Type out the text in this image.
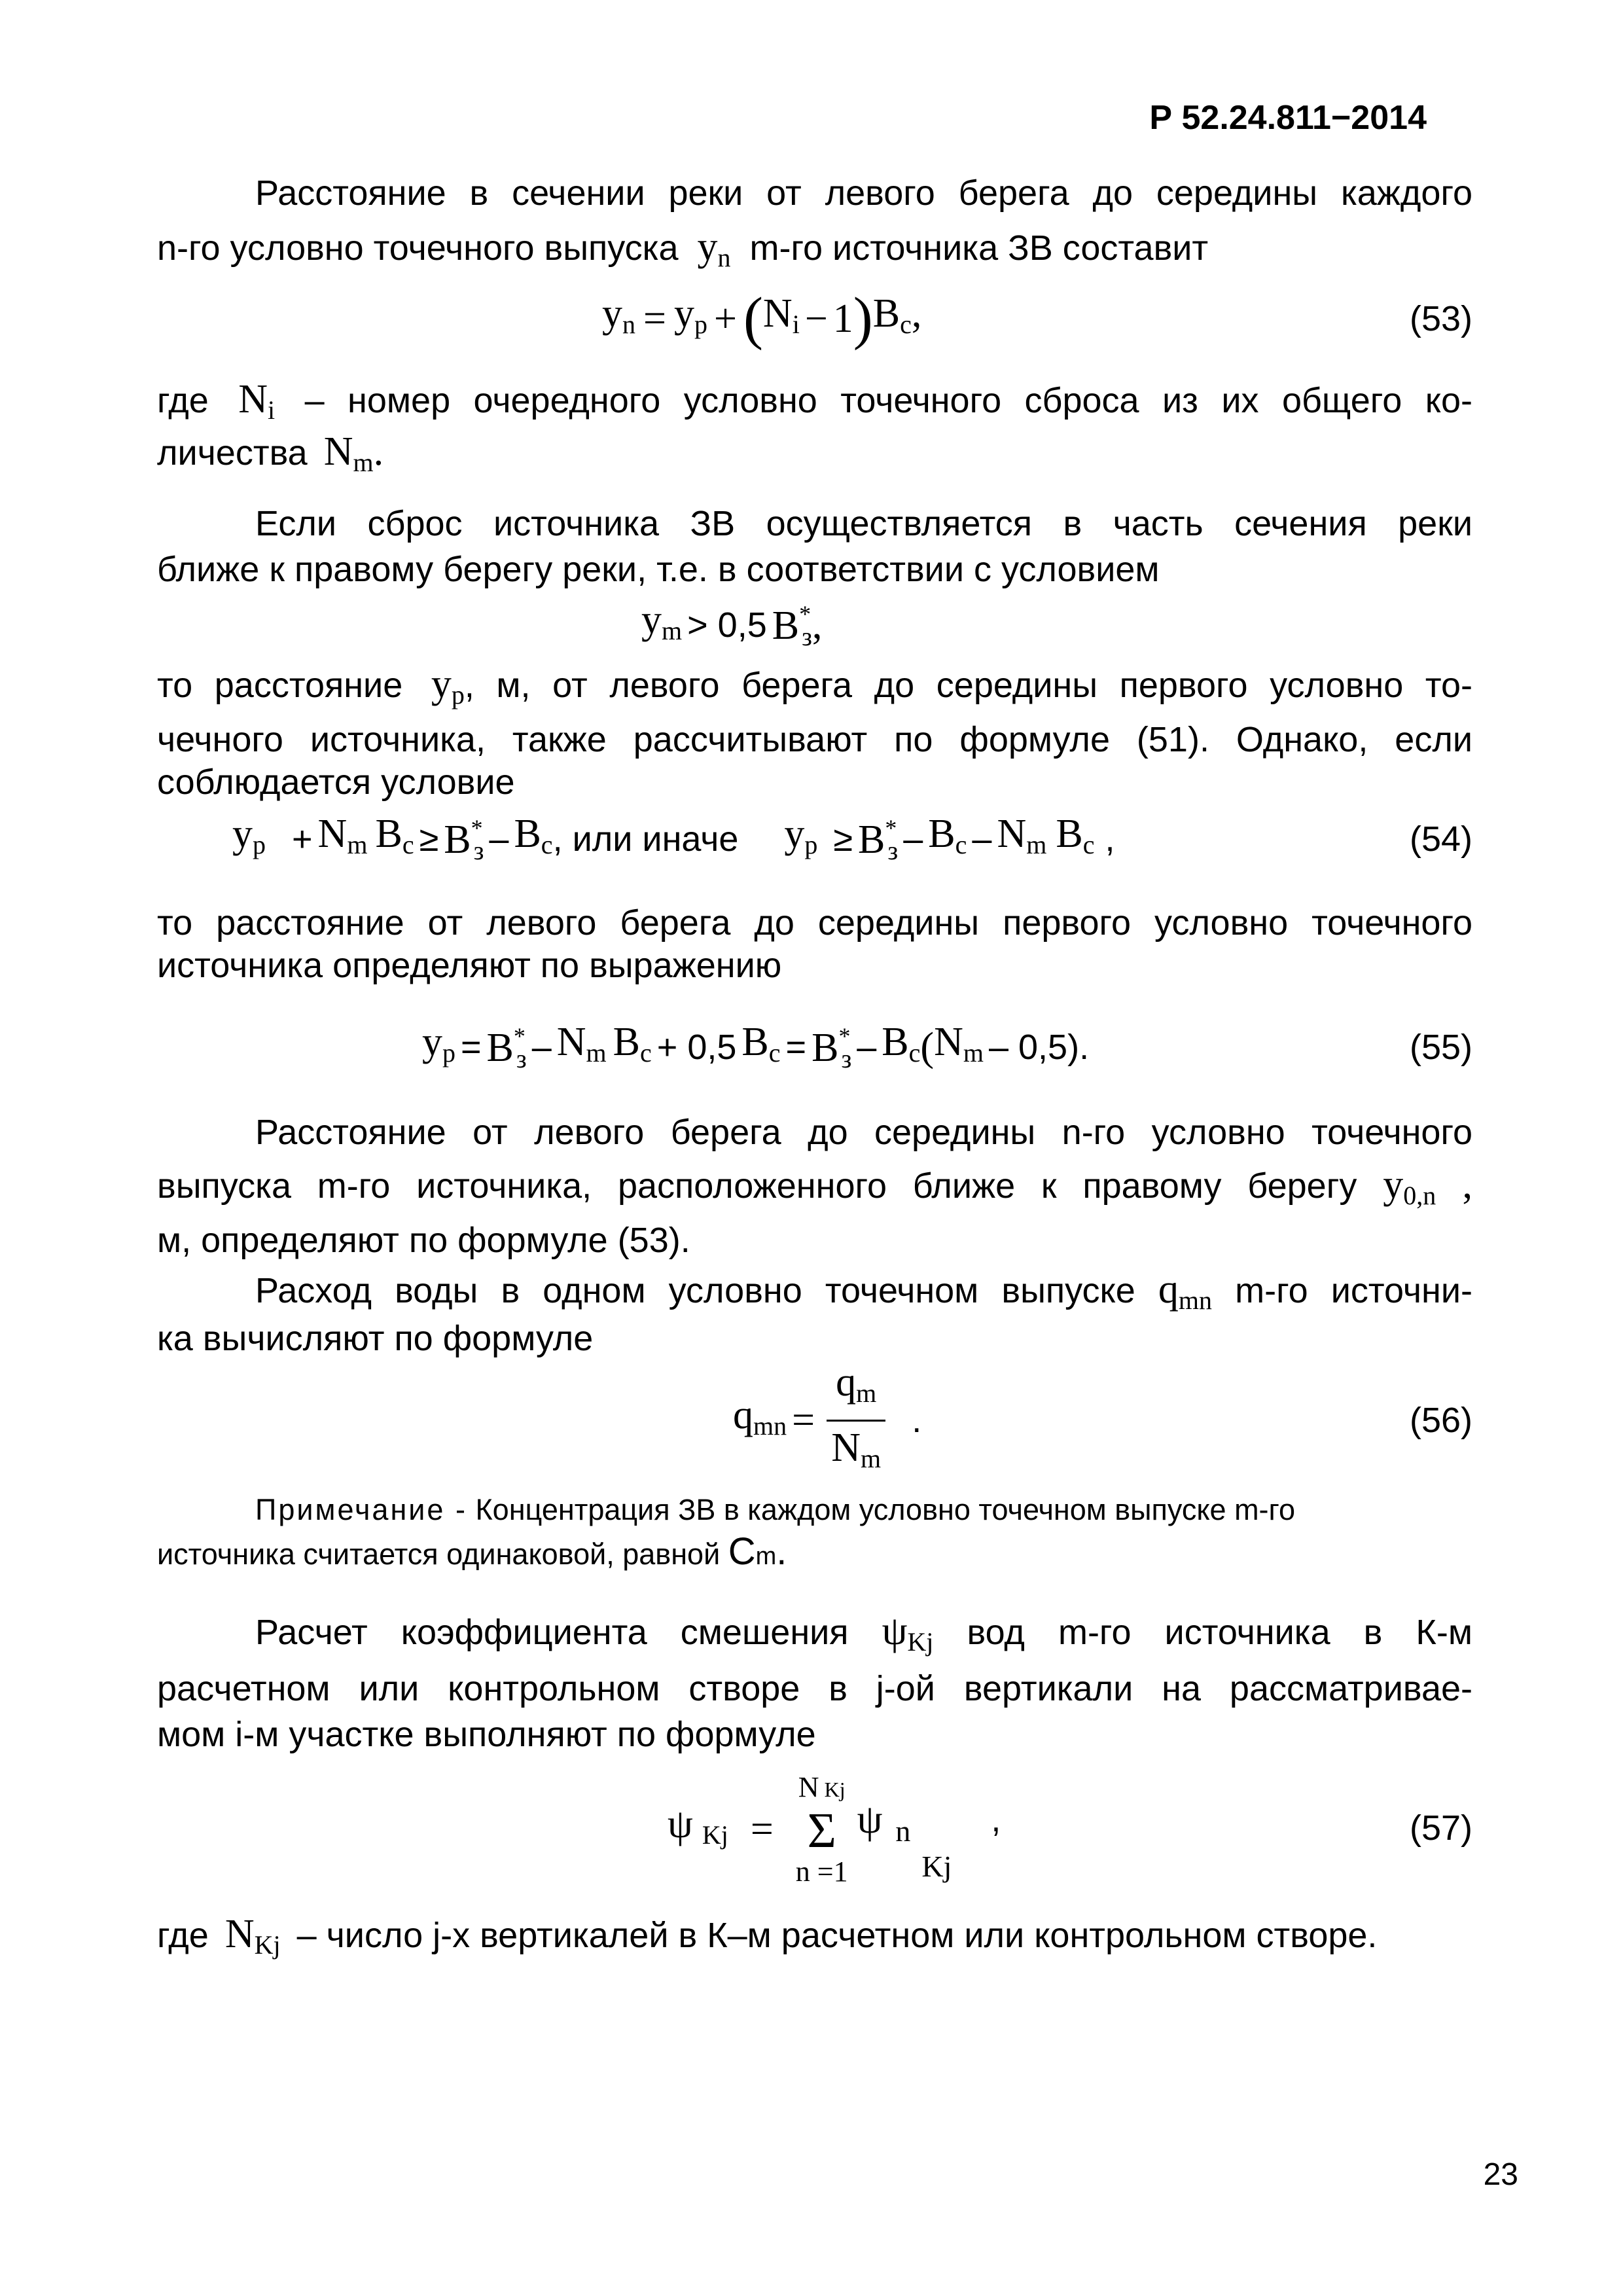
Р 52.24.811−2014
Расстояние в сечении реки от левого берега до середины каждого
n-го условно точечного выпуска yn m-го источника ЗВ составит
yn = yp + ( Ni − 1 ) Bc,	(53)
где Ni – номер очередного условно точечного сброса из их общего ко-
личества Nm.
Если сброс источника ЗВ осуществляется в часть сечения реки
ближе к правому берегу реки, т.е. в соответствии с условием
ym > 0,5 B*з ,
то расстояние yp, м, от левого берега до середины первого условно то-
чечного источника, также рассчитывают по формуле (51). Однако, если
соблюдается условие
yp + Nm Bc ≥ B*з – Bc , или иначе yp ≥ B*з – Bc – Nm Bc ,	(54)
то расстояние от левого берега до середины первого условно точечного
источника определяют по выражению
yp = B*з – Nm Bc + 0,5 Bc = B*з – Bc ( Nm – 0,5).	(55)
Расстояние от левого берега до середины n-го условно точечного
выпуска m-го источника, расположенного ближе к правому берегу y0,n ,
м, определяют по формуле (53).
Расход воды в одном условно точечном выпуске qmn m-го источни-
ка вычисляют по формуле
qmn = $\frac{qm}{Nm}$ .	(56)
Примечание - Концентрация ЗВ в каждом условно точечном выпуске m-го
источника считается одинаковой, равной Cm.
Расчет коэффициента смешения ψKj вод m-го источника в К-м
расчетном или контрольном створе в j-ой вертикали на рассматривае-
мом i-м участке выполняют по формуле
ψ Kj =
N Kj
Σ
n =1
ψ n
Kj
,	(57)
где NKj – число j-х вертикалей в К–м расчетном или контрольном створе.
23
